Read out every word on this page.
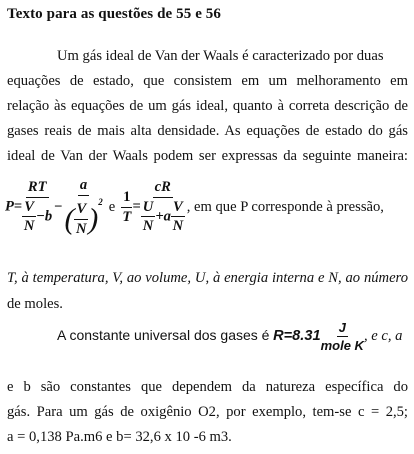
Texto para as questões de 55 e 56
Um gás ideal de Van der Waals é caracterizado por duas
equações de estado, que consistem em um melhoramento em
relação às equações de um gás ideal, quanto à correta descrição de
gases reais de mais alta densidade. As equações de estado do gás
ideal de Van der Waals podem ser expressas da seguinte maneira:
$P= \frac{RT}{\frac{V}{N} -b} - \frac{a}{( \frac{V}{N} )^2}$ e $\frac{1}{T} = \frac{cR}{\frac{U}{N} +a \frac{V}{N}}$ , em que P corresponde à pressão,
T, à temperatura, V, ao volume, U, à energia interna e N, ao número
de moles.
A constante universal dos gases é $R=8.31 \frac{J}{\text{mole K}}$ , e c, a
e b são constantes que dependem da natureza específica do
gás. Para um gás de oxigênio O2, por exemplo, tem-se c = 2,5;
a = 0,138 Pa.m6 e b= 32,6 x 10 -6 m3.
